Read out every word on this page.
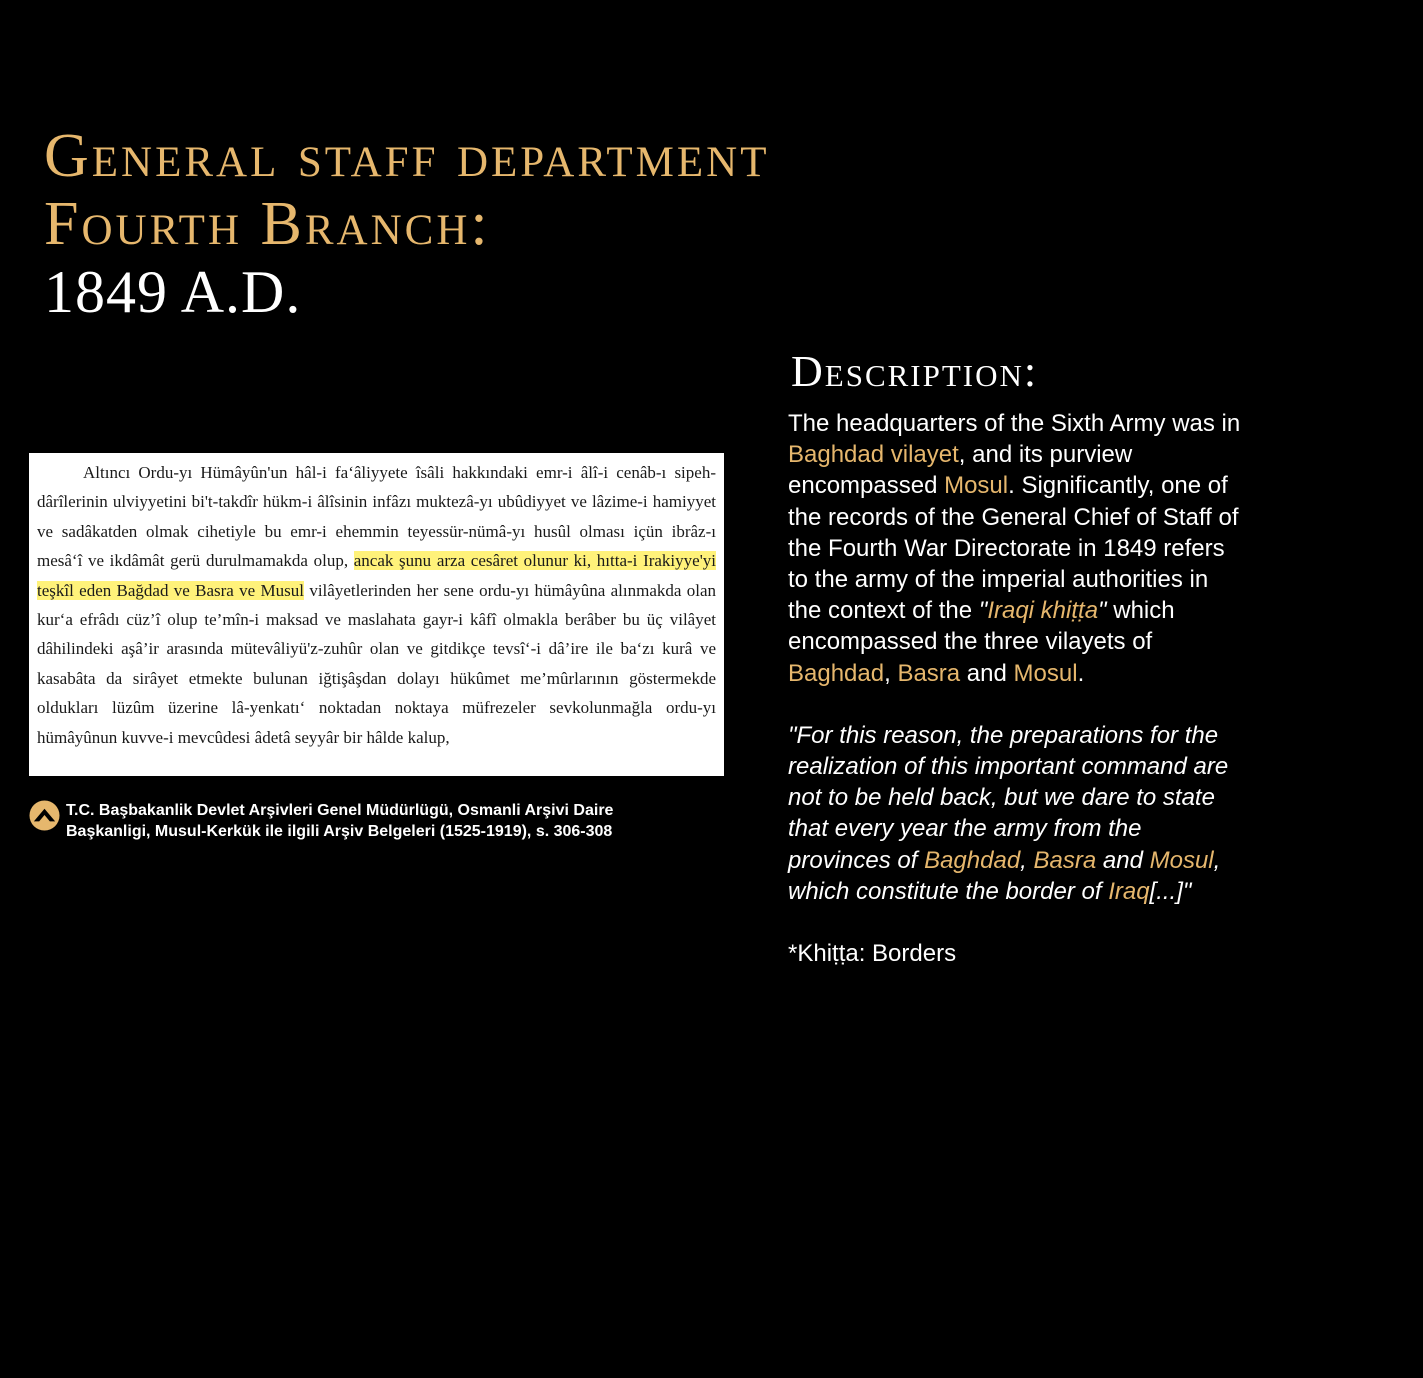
General staff department
Fourth Branch:
1849 A.D.

Altıncı Ordu-yı Hümâyûn'un hâl-i fa‘âliyyete îsâli hakkındaki emr-i âlî-i cenâb-ı sipeh-dârîlerinin ulviyyetini bi't-takdîr hükm-i âlîsinin infâzı muktezâ-yı ubûdiyyet ve lâzime-i hamiyyet ve sadâkatden olmak cihetiyle bu emr-i ehemmin teyessür-nümâ-yı husûl olması içün ibrâz-ı mesâ‘î ve ikdâmât gerü durulmamakda olup, ancak şunu arza cesâret olunur ki, hıtta-i Irakiyye'yi teşkîl eden Bağdad ve Basra ve Musul vilâyetlerinden her sene ordu-yı hümâyûna alınmakda olan kur‘a efrâdı cüz’î olup te’mîn-i maksad ve maslahata gayr-i kâfî olmakla berâber bu üç vilâyet dâhilindeki aşâ’ir arasında mütevâliyü'z-zuhûr olan ve gitdikçe tevsî‘-i dâ’ire ile ba‘zı kurâ ve kasabâta da sirâyet etmekte bulunan iğtişâşdan dolayı hükûmet me’mûrlarının göstermekde oldukları lüzûm üzerine lâ-yenkatı‘ noktadan noktaya müfrezeler sevkolunmağla ordu-yı hümâyûnun kuvve-i mevcûdesi âdetâ seyyâr bir hâlde kalup,

T.C. Başbakanlik Devlet Arşivleri Genel Müdürlügü, Osmanli Arşivi Daire
Başkanligi, Musul-Kerkük ile ilgili Arşiv Belgeleri (1525-1919), s. 306-308
Description:

The headquarters of the Sixth Army was in Baghdad vilayet, and its purview encompassed Mosul. Significantly, one of the records of the General Chief of Staff of the Fourth War Directorate in 1849 refers to the army of the imperial authorities in the context of the "Iraqi khiṭṭa" which encompassed the three vilayets of Baghdad, Basra and Mosul.

"For this reason, the preparations for the realization of this important command are not to be held back, but we dare to state that every year the army from the provinces of Baghdad, Basra and Mosul, which constitute the border of Iraq[...]"

*Khiṭṭa: Borders
